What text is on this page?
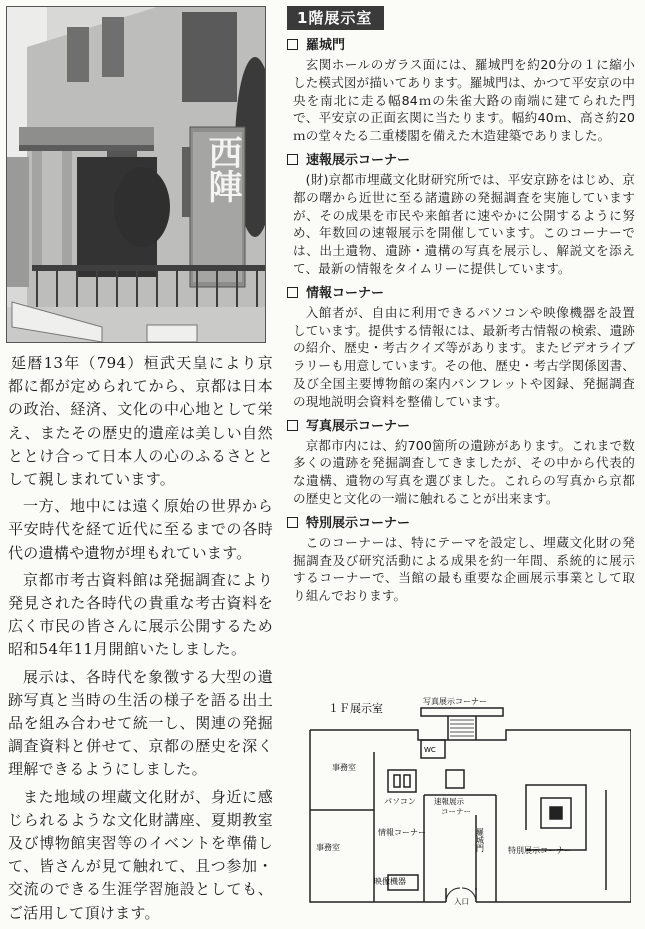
西陣

延暦13年（794）桓武天皇により京都に都が定められてから、京都は日本の政治、経済、文化の中心地として栄え、またその歴史的遺産は美しい自然ととけ合って日本人の心のふるさととして親しまれています。

一方、地中には遠く原始の世界から平安時代を経て近代に至るまでの各時代の遺構や遺物が埋もれています。

京都市考古資料館は発掘調査により発見された各時代の貴重な考古資料を広く市民の皆さんに展示公開するため昭和54年11月開館いたしました。

展示は、各時代を象徴する大型の遺跡写真と当時の生活の様子を語る出土品を組み合わせて統一し、関連の発掘調査資料と併せて、京都の歴史を深く理解できるようにしました。

また地域の埋蔵文化財が、身近に感じられるような文化財講座、夏期教室及び博物館実習等のイベントを準備して、皆さんが見て触れて、且つ参加・交流のできる生涯学習施設としても、ご活用して頂けます。

1階展示室
羅城門

玄関ホールのガラス面には、羅城門を約20分の１に縮小した模式図が描いてあります。羅城門は、かつて平安京の中央を南北に走る幅84ｍの朱雀大路の南端に建てられた門で、平安京の正面玄関に当たります。幅約40ｍ、高さ約20ｍの堂々たる二重楼閣を備えた木造建築でありました。

速報展示コーナー

(財)京都市埋蔵文化財研究所では、平安京跡をはじめ、京都の曙から近世に至る諸遺跡の発掘調査を実施していますが、その成果を市民や来館者に速やかに公開するように努め、年数回の速報展示を開催しています。このコーナーでは、出土遺物、遺跡・遺構の写真を展示し、解説文を添えて、最新の情報をタイムリーに提供しています。

情報コーナー

入館者が、自由に利用できるパソコンや映像機器を設置しています。提供する情報には、最新考古情報の検索、遺跡の紹介、歴史・考古クイズ等があります。またビデオライブラリーも用意しています。その他、歴史・考古学関係図書、及び全国主要博物館の案内パンフレットや図録、発掘調査の現地説明会資料を整備しています。

写真展示コーナー

京都市内には、約700箇所の遺跡があります。これまで数多くの遺跡を発掘調査してきましたが、その中から代表的な遺構、遺物の写真を選びました。これらの写真から京都の歴史と文化の一端に触れることが出来ます。

特別展示コーナー

このコーナーは、特にテーマを設定し、埋蔵文化財の発掘調査及び研究活動による成果を約一年間、系統的に展示するコーナーで、当館の最も重要な企画展示事業として取り組んでおります。

１Ｆ展示室
写真展示コーナー
WC
事務室
事務室
パソコン 速報展示
コーナー
情報コーナー	羅城門	特別展示コーナー
映像機器
入口
